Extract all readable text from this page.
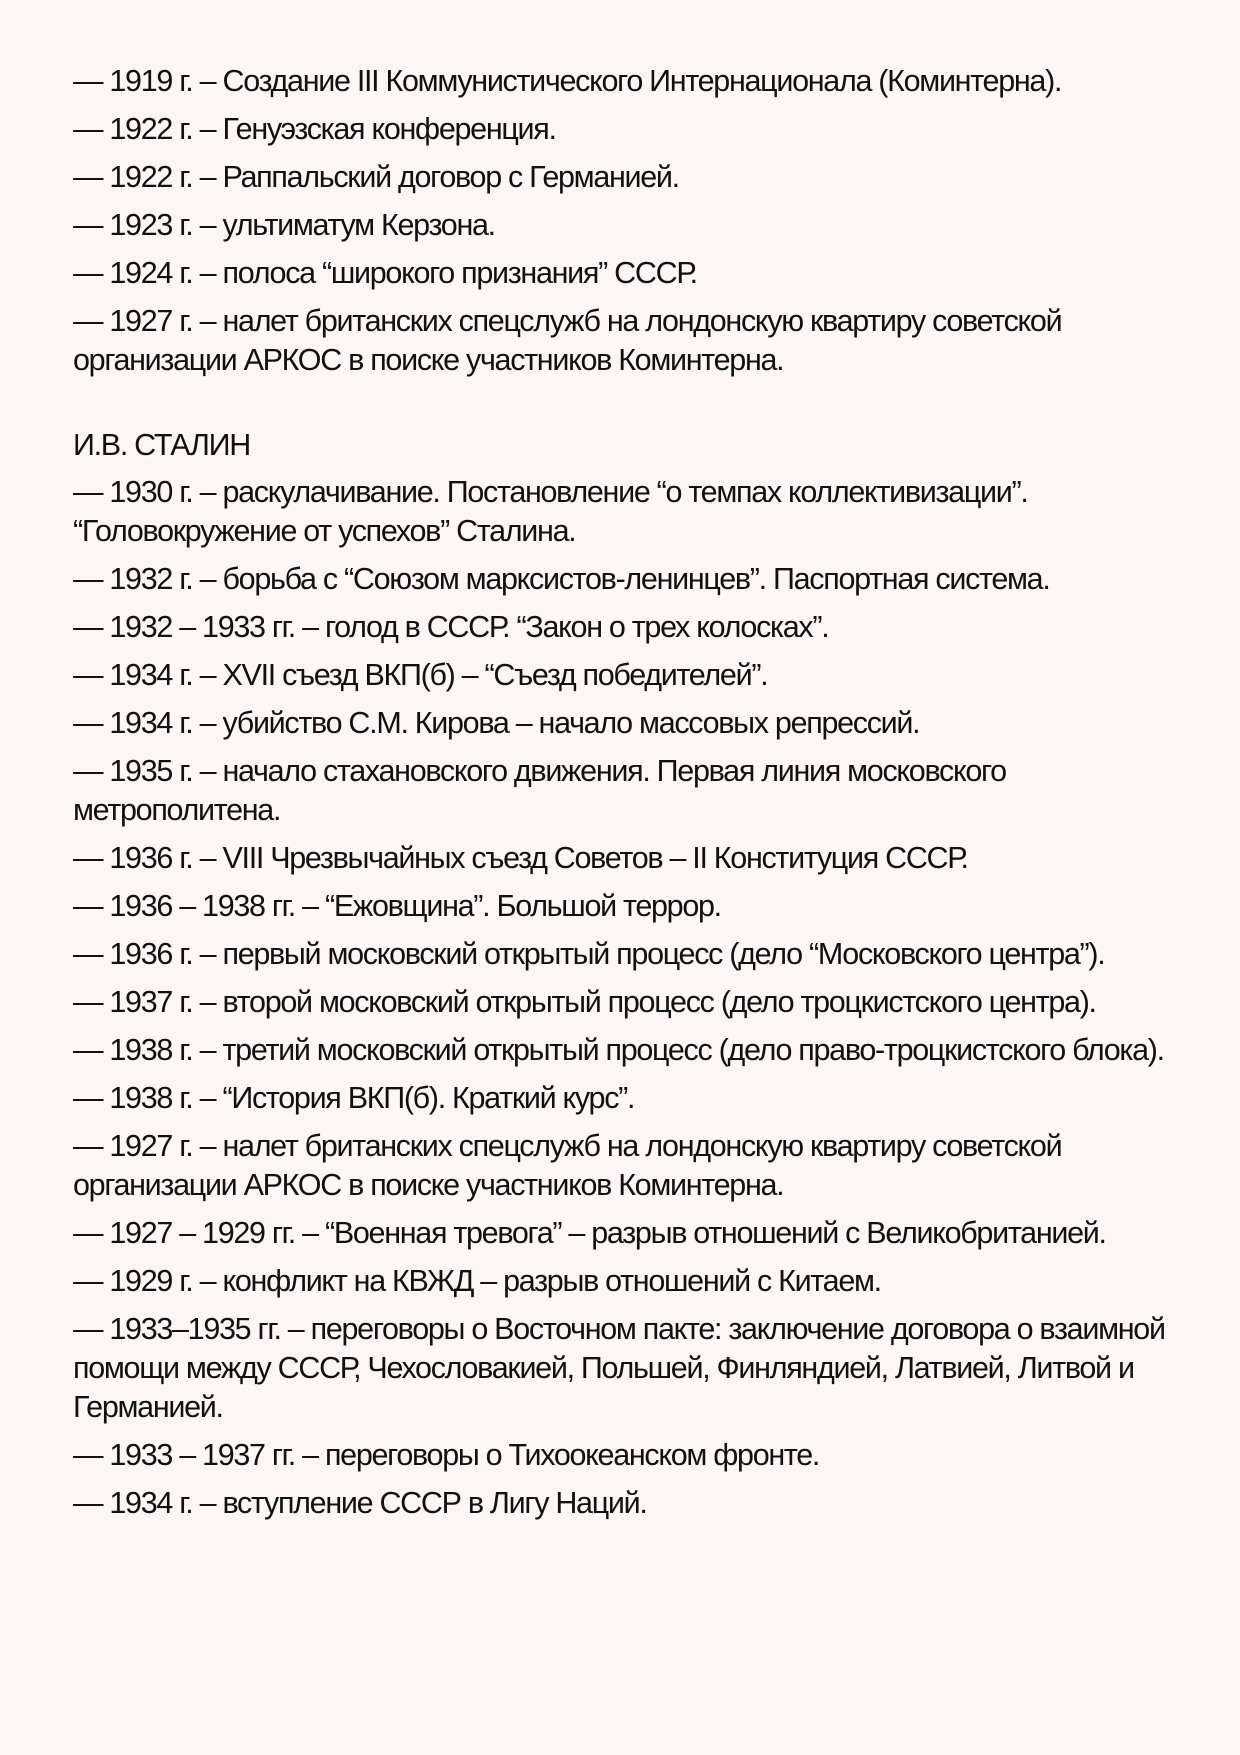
— 1919 г. – Создание III Коммунистического Интернационала (Коминтерна).

— 1922 г. – Генуэзская конференция.

— 1922 г. – Раппальский договор с Германией.

— 1923 г. – ультиматум Керзона.

— 1924 г. – полоса “широкого признания” СССР.

— 1927 г. – налет британских спецслужб на лондонскую квартиру советской организации АРКОС в поиске участников Коминтерна.

И.В. СТАЛИН

— 1930 г. – раскулачивание. Постановление “о темпах коллективизации”. “Головокружение от успехов” Сталина.

— 1932 г. – борьба с “Союзом марксистов-ленинцев”. Паспортная система.

— 1932 – 1933 гг. – голод в СССР. “Закон о трех колосках”.

— 1934 г. – XVII съезд ВКП(б) – “Съезд победителей”.

— 1934 г. – убийство С.М. Кирова – начало массовых репрессий.

— 1935 г. – начало стахановского движения. Первая линия московского метрополитена.

— 1936 г. – VIII Чрезвычайных съезд Советов – II Конституция СССР.

— 1936 – 1938 гг. – “Ежовщина”. Большой террор.

— 1936 г. – первый московский открытый процесс (дело “Московского центра”).

— 1937 г. – второй московский открытый процесс (дело троцкистского центра).

— 1938 г. – третий московский открытый процесс (дело право-троцкистского блока).

— 1938 г. – “История ВКП(б). Краткий курс”.

— 1927 г. – налет британских спецслужб на лондонскую квартиру советской организации АРКОС в поиске участников Коминтерна.

— 1927 – 1929 гг. – “Военная тревога” – разрыв отношений с Великобританией.

— 1929 г. – конфликт на КВЖД – разрыв отношений с Китаем.

— 1933–1935 гг. – переговоры о Восточном пакте: заключение договора о взаимной помощи между СССР, Чехословакией, Польшей, Финляндией, Латвией, Литвой и Германией.

— 1933 – 1937 гг. – переговоры о Тихоокеанском фронте.

— 1934 г. – вступление СССР в Лигу Наций.
